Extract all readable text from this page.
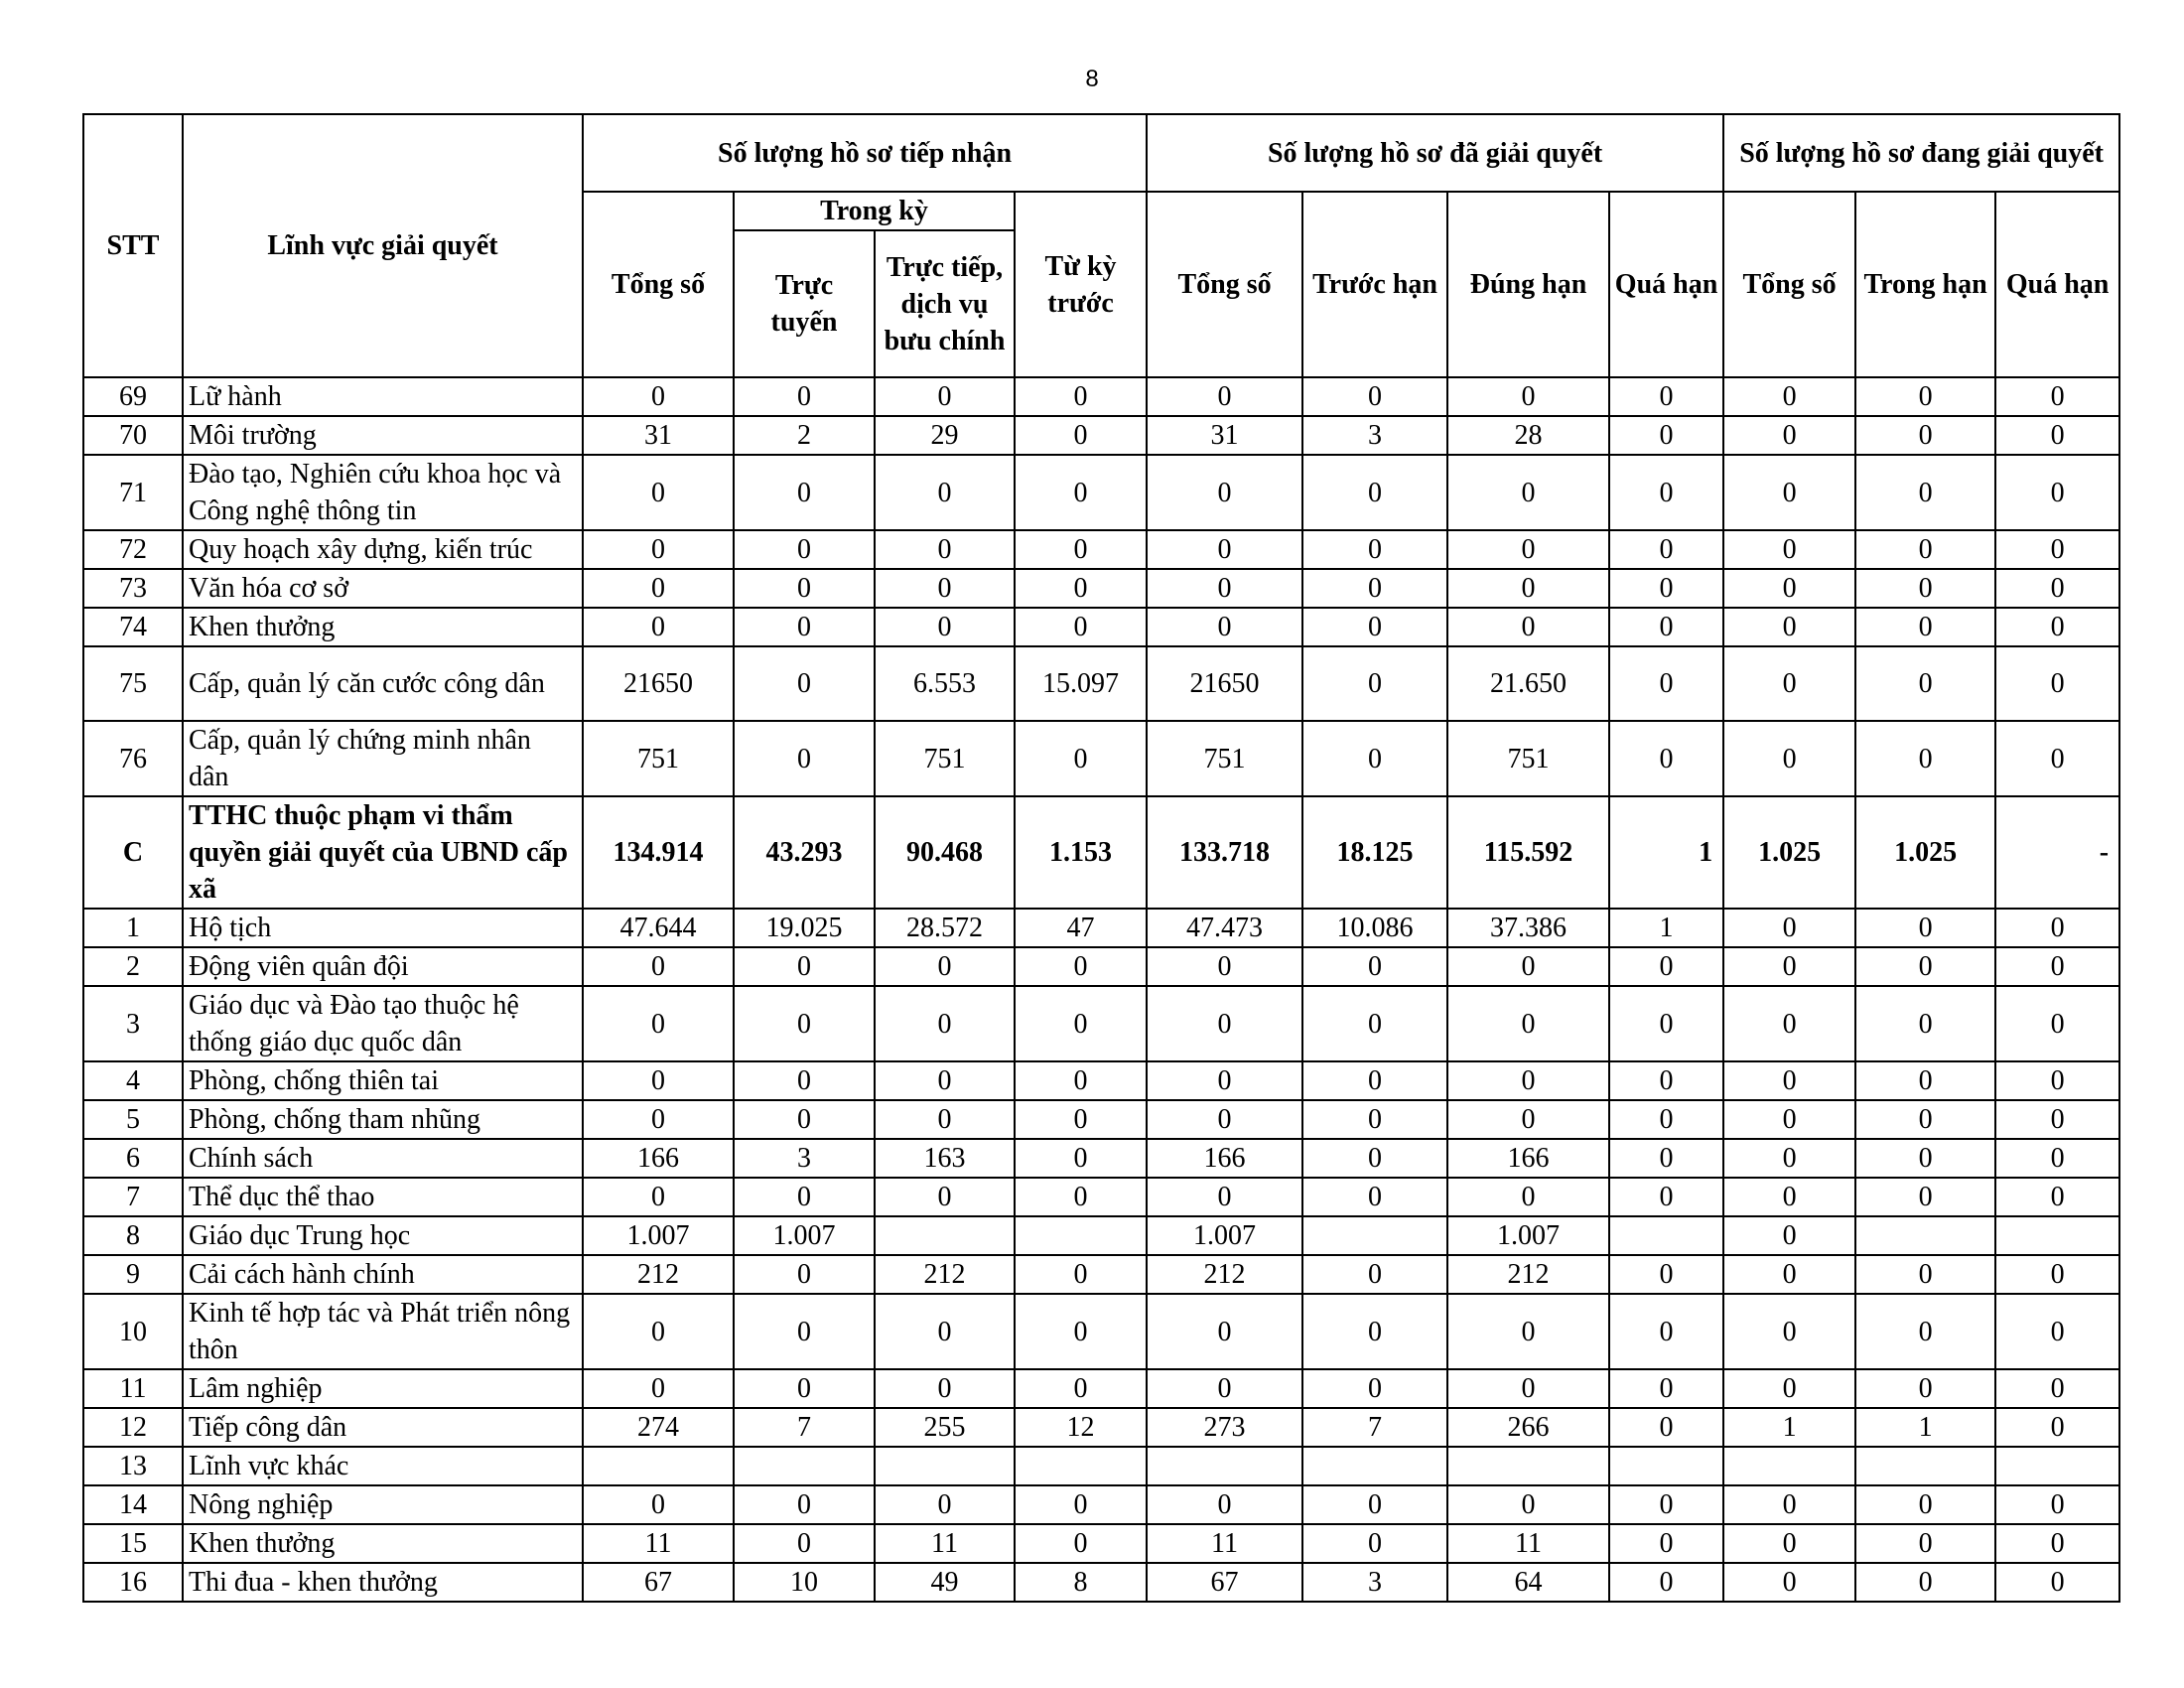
8
STT	Lĩnh vực giải quyết	Số lượng hồ sơ tiếp nhận				Số lượng hồ sơ đã giải quyết				Số lượng hồ sơ đang giải quyết		
		Tổng số	Trong kỳ		Từ kỳ trước	Tổng số	Trước hạn	Đúng hạn	Quá hạn	Tổng số	Trong hạn	Quá hạn
			Trực tuyến	Trực tiếp, dịch vụ bưu chính								
69	Lữ hành	0	0	0	0	0	0	0	0	0	0	0
70	Môi trường	31	2	29	0	31	3	28	0	0	0	0
71	Đào tạo, Nghiên cứu khoa học và Công nghệ thông tin	0	0	0	0	0	0	0	0	0	0	0
72	Quy hoạch xây dựng, kiến trúc	0	0	0	0	0	0	0	0	0	0	0
73	Văn hóa cơ sở	0	0	0	0	0	0	0	0	0	0	0
74	Khen thưởng	0	0	0	0	0	0	0	0	0	0	0
75	Cấp, quản lý căn cước công dân	21650	0	6.553	15.097	21650	0	21.650	0	0	0	0
76	Cấp, quản lý chứng minh nhân dân	751	0	751	0	751	0	751	0	0	0	0
C	TTHC thuộc phạm vi thẩm quyền giải quyết của UBND cấp xã	134.914	43.293	90.468	1.153	133.718	18.125	115.592	1	1.025	1.025	-
1	Hộ tịch	47.644	19.025	28.572	47	47.473	10.086	37.386	1	0	0	0
2	Động viên quân đội	0	0	0	0	0	0	0	0	0	0	0
3	Giáo dục và Đào tạo thuộc hệ thống giáo dục quốc dân	0	0	0	0	0	0	0	0	0	0	0
4	Phòng, chống thiên tai	0	0	0	0	0	0	0	0	0	0	0
5	Phòng, chống tham nhũng	0	0	0	0	0	0	0	0	0	0	0
6	Chính sách	166	3	163	0	166	0	166	0	0	0	0
7	Thể dục thể thao	0	0	0	0	0	0	0	0	0	0	0
8	Giáo dục Trung học	1.007	1.007			1.007		1.007		0		
9	Cải cách hành chính	212	0	212	0	212	0	212	0	0	0	0
10	Kinh tế hợp tác và Phát triển nông thôn	0	0	0	0	0	0	0	0	0	0	0
11	Lâm nghiệp	0	0	0	0	0	0	0	0	0	0	0
12	Tiếp công dân	274	7	255	12	273	7	266	0	1	1	0
13	Lĩnh vực khác											
14	Nông nghiệp	0	0	0	0	0	0	0	0	0	0	0
15	Khen thưởng	11	0	11	0	11	0	11	0	0	0	0
16	Thi đua - khen thưởng	67	10	49	8	67	3	64	0	0	0	0
